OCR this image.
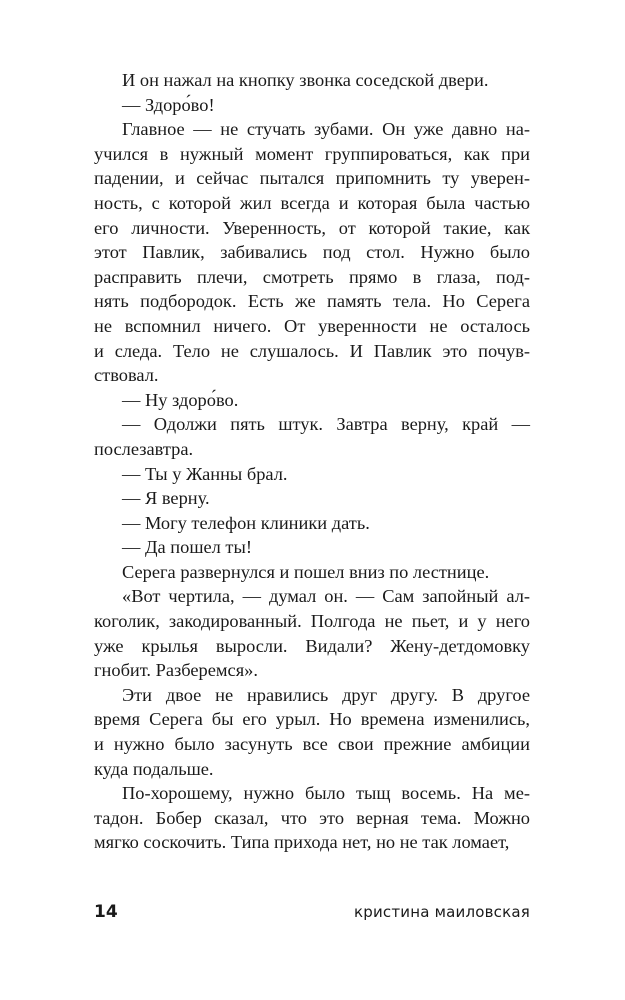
И он нажал на кнопку звонка соседской двери.
— Здоро́во!
Главное — не стучать зубами. Он уже давно на-
учился в нужный момент группироваться, как при
падении, и сейчас пытался припомнить ту уверен-
ность, с которой жил всегда и которая была частью
его личности. Уверенность, от которой такие, как
этот Павлик, забивались под стол. Нужно было
расправить плечи, смотреть прямо в глаза, под-
нять подбородок. Есть же память тела. Но Серега
не вспомнил ничего. От уверенности не осталось
и следа. Тело не слушалось. И Павлик это почув-
ствовал.
— Ну здоро́во.
— Одолжи пять штук. Завтра верну, край —
послезавтра.
— Ты у Жанны брал.
— Я верну.
— Могу телефон клиники дать.
— Да пошел ты!
Серега развернулся и пошел вниз по лестнице.
«Вот чертила, — думал он. — Сам запойный ал-
коголик, закодированный. Полгода не пьет, и у него
уже крылья выросли. Видали? Жену-детдомовку
гнобит. Разберемся».
Эти двое не нравились друг другу. В другое
время Серега бы его урыл. Но времена изменились,
и нужно было засунуть все свои прежние амбиции
куда подальше.
По-хорошему, нужно было тыщ восемь. На ме-
тадон. Бобер сказал, что это верная тема. Можно
мягко соскочить. Типа прихода нет, но не так ломает,
14	кристина маиловская
